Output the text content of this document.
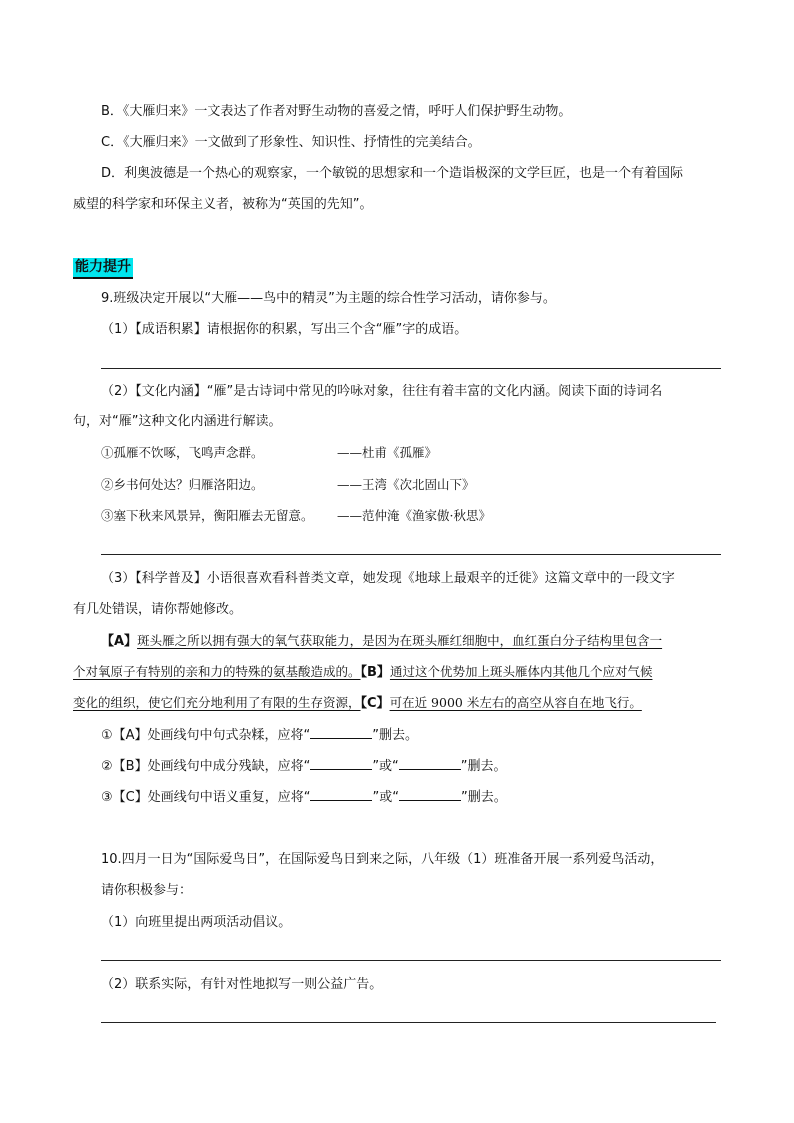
B．《大雁归来》一文表达了作者对野生动物的喜爱之情，呼吁人们保护野生动物。
C．《大雁归来》一文做到了形象性、知识性、抒情性的完美结合。
D．利奥波德是一个热心的观察家，一个敏锐的思想家和一个造诣极深的文学巨匠，也是一个有着国际
威望的科学家和环保主义者，被称为“英国的先知”。
能力提升
9.班级决定开展以“大雁——鸟中的精灵”为主题的综合性学习活动，请你参与。
（1）【成语积累】请根据你的积累，写出三个含“雁”字的成语。
（2）【文化内涵】“雁”是古诗词中常见的吟咏对象，往往有着丰富的文化内涵。阅读下面的诗词名
句，对“雁”这种文化内涵进行解读。
①孤雁不饮啄，飞鸣声念群。	——杜甫《孤雁》
②乡书何处达？归雁洛阳边。	——王湾《次北固山下》
③塞下秋来风景异，衡阳雁去无留意。 ——范仲淹《渔家傲·秋思》
（3）【科学普及】小语很喜欢看科普类文章，她发现《地球上最艰辛的迁徙》这篇文章中的一段文字
有几处错误，请你帮她修改。
【A】斑头雁之所以拥有强大的氧气获取能力，是因为在斑头雁红细胞中，血红蛋白分子结构里包含一
个对氧原子有特别的亲和力的特殊的氨基酸造成的。【B】通过这个优势加上斑头雁体内其他几个应对气候
变化的组织，使它们充分地利用了有限的生存资源，【C】可在近 9000 米左右的高空从容自在地飞行。
①【A】处画线句中句式杂糅，应将“	”删去。
②【B】处画线句中成分残缺，应将“	”或“	”删去。
③【C】处画线句中语义重复，应将“	”或“	”删去。
10.四月一日为“国际爱鸟日”，在国际爱鸟日到来之际，八年级（1）班准备开展一系列爱鸟活动，
请你积极参与：
（1）向班里提出两项活动倡议。
（2）联系实际，有针对性地拟写一则公益广告。
